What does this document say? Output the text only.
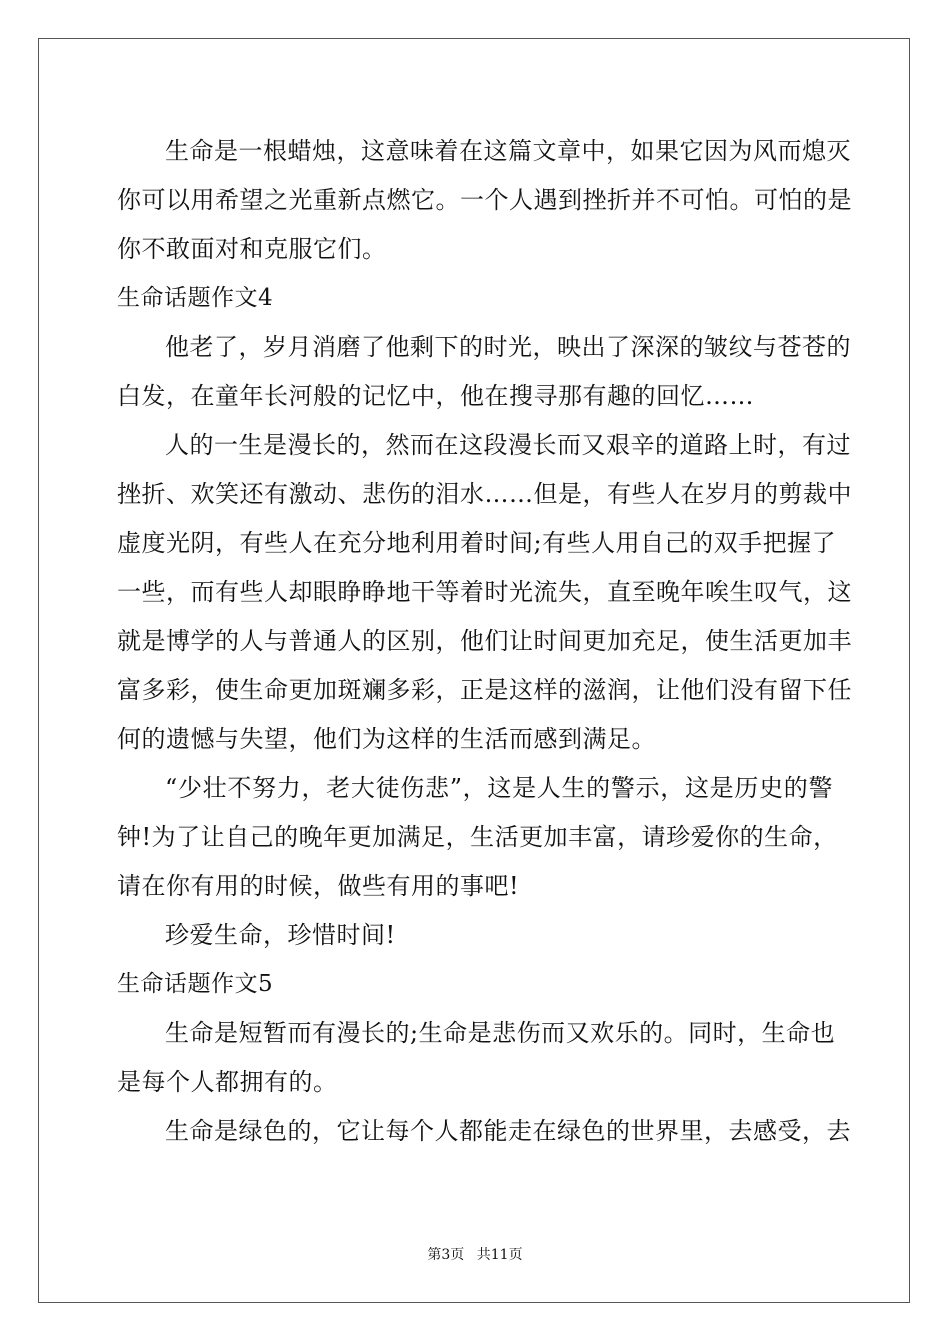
生命是一根蜡烛，这意味着在这篇文章中，如果它因为风而熄灭
你可以用希望之光重新点燃它。一个人遇到挫折并不可怕。可怕的是
你不敢面对和克服它们。
生命话题作文4
他老了，岁月消磨了他剩下的时光，映出了深深的皱纹与苍苍的
白发，在童年长河般的记忆中，他在搜寻那有趣的回忆……
人的一生是漫长的，然而在这段漫长而又艰辛的道路上时，有过
挫折、欢笑还有激动、悲伤的泪水……但是，有些人在岁月的剪裁中
虚度光阴，有些人在充分地利用着时间;有些人用自己的双手把握了
一些，而有些人却眼睁睁地干等着时光流失，直至晚年唉生叹气，这
就是博学的人与普通人的区别，他们让时间更加充足，使生活更加丰
富多彩，使生命更加斑斓多彩，正是这样的滋润，让他们没有留下任
何的遗憾与失望，他们为这样的生活而感到满足。
“少壮不努力，老大徒伤悲”，这是人生的警示，这是历史的警
钟!为了让自己的晚年更加满足，生活更加丰富，请珍爱你的生命，
请在你有用的时候，做些有用的事吧!
珍爱生命，珍惜时间!
生命话题作文5
生命是短暂而有漫长的;生命是悲伤而又欢乐的。同时，生命也
是每个人都拥有的。
生命是绿色的，它让每个人都能走在绿色的世界里，去感受，去
第3页 共11页
